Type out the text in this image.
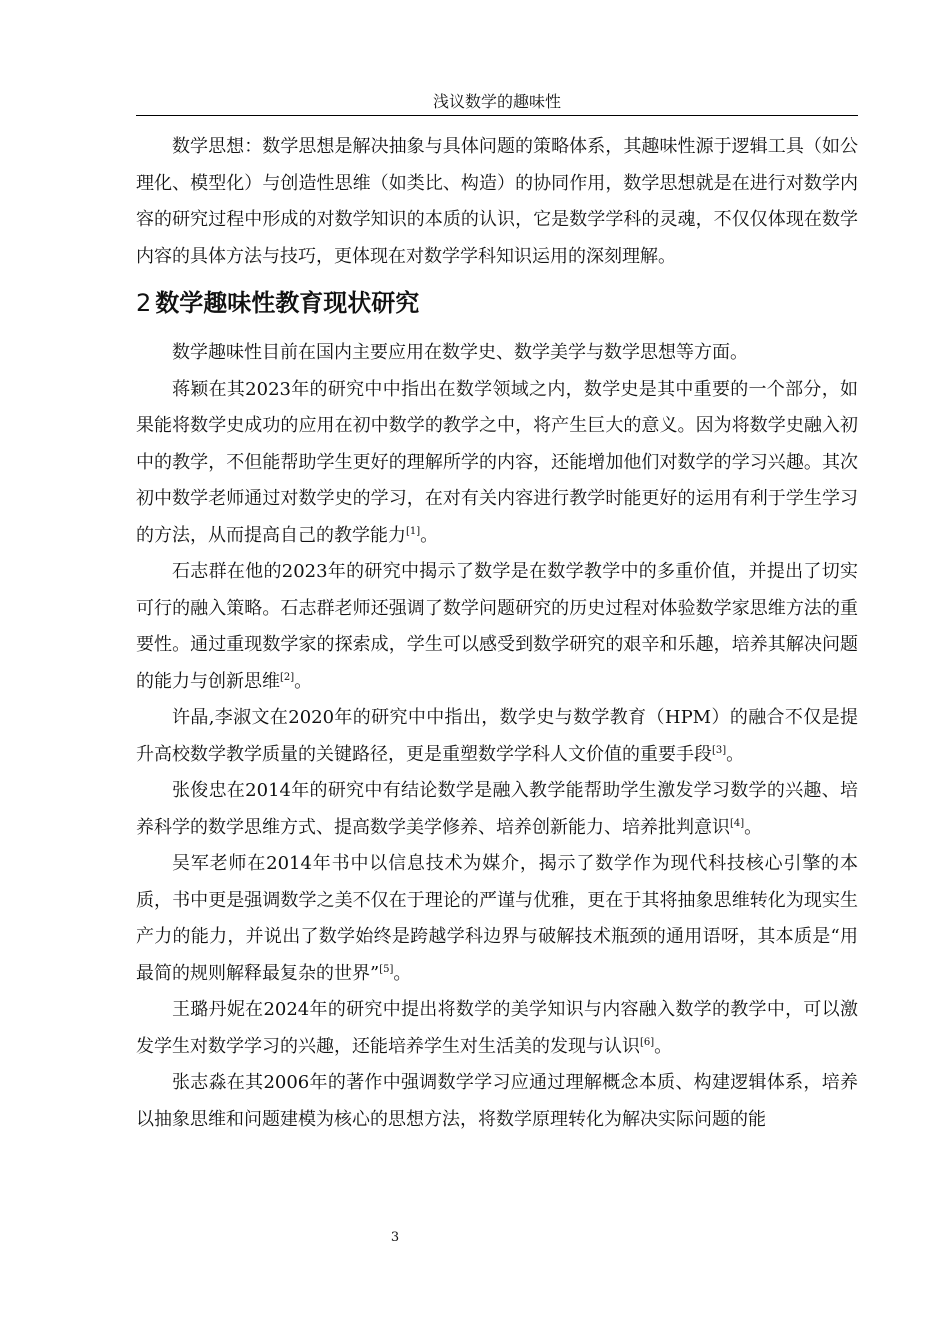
浅议数学的趣味性

数学思想：数学思想是解决抽象与具体问题的策略体系，其趣味性源于逻辑工具（如公理化、模型化）与创造性思维（如类比、构造）的协同作用，数学思想就是在进行对数学内容的研究过程中形成的对数学知识的本质的认识，它是数学学科的灵魂，不仅仅体现在数学内容的具体方法与技巧，更体现在对数学学科知识运用的深刻理解。

2 数学趣味性教育现状研究

数学趣味性目前在国内主要应用在数学史、数学美学与数学思想等方面。

蒋颖在其2023年的研究中中指出在数学领域之内，数学史是其中重要的一个部分，如果能将数学史成功的应用在初中数学的教学之中，将产生巨大的意义。因为将数学史融入初中的教学，不但能帮助学生更好的理解所学的内容，还能增加他们对数学的学习兴趣。其次初中数学老师通过对数学史的学习，在对有关内容进行教学时能更好的运用有利于学生学习的方法，从而提高自己的教学能力[1]。

石志群在他的2023年的研究中揭示了数学是在数学教学中的多重价值，并提出了切实可行的融入策略。石志群老师还强调了数学问题研究的历史过程对体验数学家思维方法的重要性。通过重现数学家的探索成，学生可以感受到数学研究的艰辛和乐趣，培养其解决问题的能力与创新思维[2]。

许晶,李淑文在2020年的研究中中指出，数学史与数学教育（HPM）的融合不仅是提升高校数学教学质量的关键路径，更是重塑数学学科人文价值的重要手段[3]。

张俊忠在2014年的研究中有结论数学是融入教学能帮助学生激发学习数学的兴趣、培养科学的数学思维方式、提高数学美学修养、培养创新能力、培养批判意识[4]。

吴军老师在2014年书中以信息技术为媒介，揭示了数学作为现代科技核心引擎的本质，书中更是强调数学之美不仅在于理论的严谨与优雅，更在于其将抽象思维转化为现实生产力的能力，并说出了数学始终是跨越学科边界与破解技术瓶颈的通用语呀，其本质是“用最简的规则解释最复杂的世界”[5]。

王璐丹妮在2024年的研究中提出将数学的美学知识与内容融入数学的教学中，可以激发学生对数学学习的兴趣，还能培养学生对生活美的发现与认识[6]。

张志淼在其2006年的著作中强调数学学习应通过理解概念本质、构建逻辑体系，培养以抽象思维和问题建模为核心的思想方法，将数学原理转化为解决实际问题的能

3
